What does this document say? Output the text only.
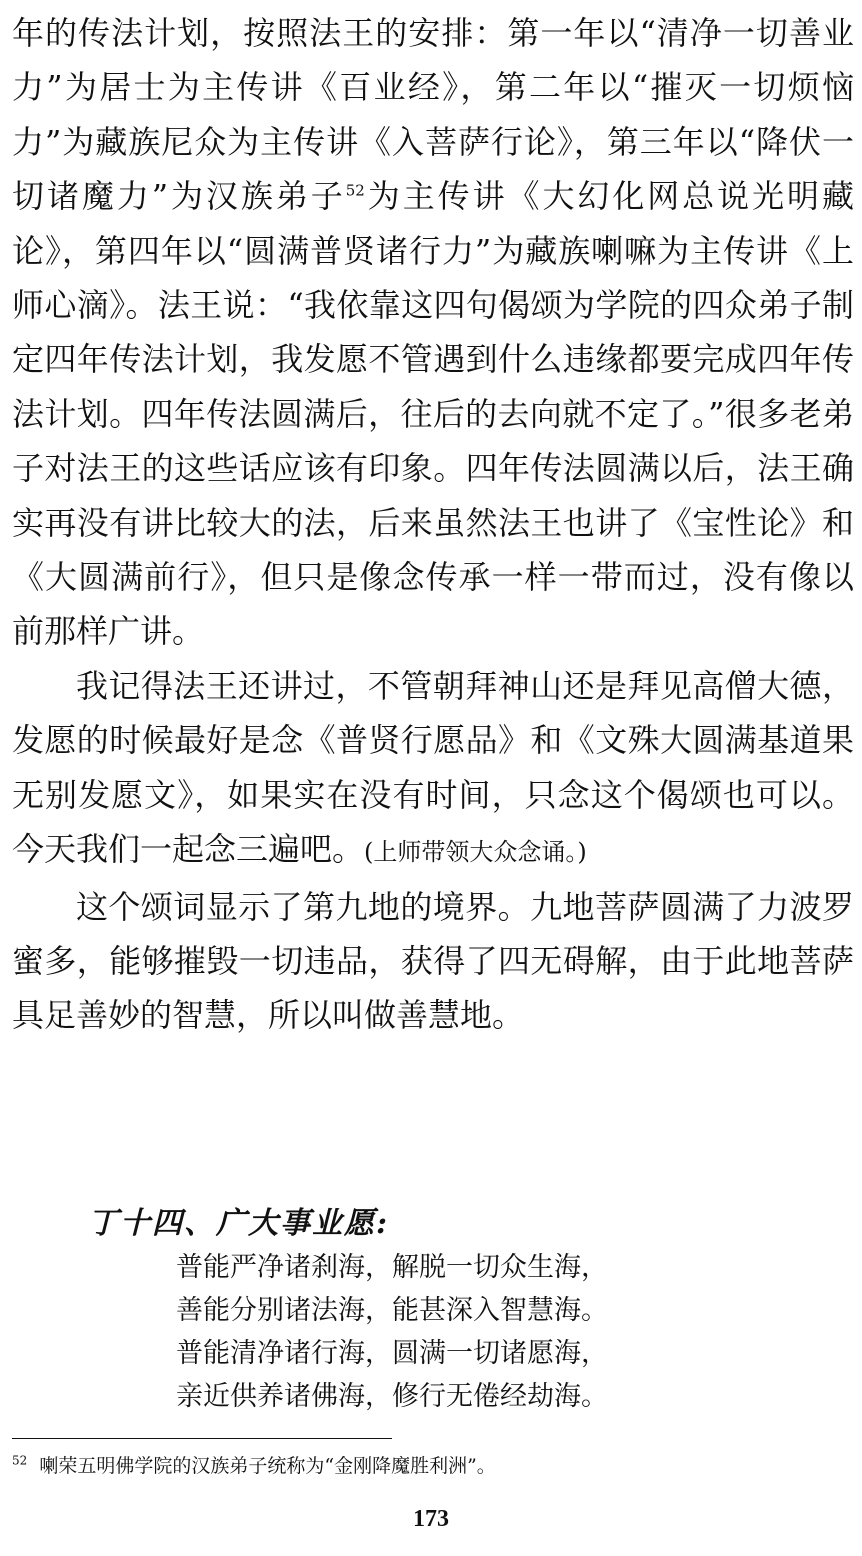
年的传法计划，按照法王的安排：第一年以“清净一切善业力”为居士为主传讲《百业经》，第二年以“摧灭一切烦恼力”为藏族尼众为主传讲《入菩萨行论》，第三年以“降伏一切诸魔力”为汉族弟子$^{52}$为主传讲《大幻化网总说光明藏论》，第四年以“圆满普贤诸行力”为藏族喇嘛为主传讲《上师心滴》。法王说：“我依靠这四句偈颂为学院的四众弟子制定四年传法计划，我发愿不管遇到什么违缘都要完成四年传法计划。四年传法圆满后，往后的去向就不定了。”很多老弟子对法王的这些话应该有印象。四年传法圆满以后，法王确实再没有讲比较大的法，后来虽然法王也讲了《宝性论》和《大圆满前行》，但只是像念传承一样一带而过，没有像以前那样广讲。

我记得法王还讲过，不管朝拜神山还是拜见高僧大德，发愿的时候最好是念《普贤行愿品》和《文殊大圆满基道果无别发愿文》，如果实在没有时间，只念这个偈颂也可以。今天我们一起念三遍吧。(上师带领大众念诵。)

这个颂词显示了第九地的境界。九地菩萨圆满了力波罗蜜多，能够摧毁一切违品，获得了四无碍解，由于此地菩萨具足善妙的智慧，所以叫做善慧地。

丁十四、广大事业愿:
普能严净诸刹海，解脱一切众生海，
善能分别诸法海，能甚深入智慧海。
普能清净诸行海，圆满一切诸愿海，
亲近供养诸佛海，修行无倦经劫海。
$^{52}$ 喇荣五明佛学院的汉族弟子统称为“金刚降魔胜利洲”。
173
